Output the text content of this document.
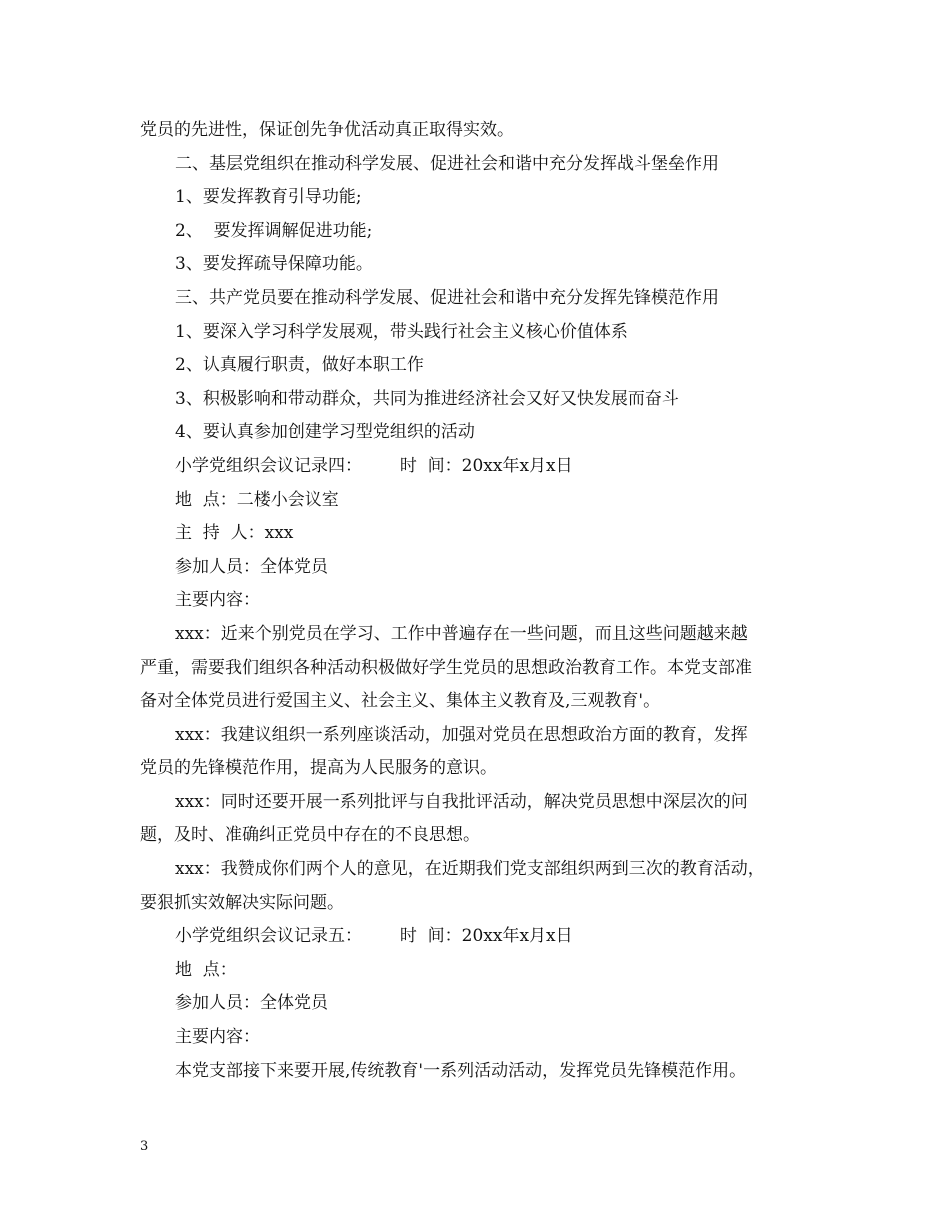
党员的先进性，保证创先争优活动真正取得实效。
二、基层党组织在推动科学发展、促进社会和谐中充分发挥战斗堡垒作用
1、要发挥教育引导功能;
2、  要发挥调解促进功能;
3、要发挥疏导保障功能。
三、共产党员要在推动科学发展、促进社会和谐中充分发挥先锋模范作用
1、要深入学习科学发展观，带头践行社会主义核心价值体系
2、认真履行职责，做好本职工作
3、积极影响和带动群众，共同为推进经济社会又好又快发展而奋斗
4、要认真参加创建学习型党组织的活动
小学党组织会议记录四：       时  间：20xx年x月x日
地  点：二楼小会议室
主  持  人：xxx
参加人员：全体党员
主要内容：
xxx：近来个别党员在学习、工作中普遍存在一些问题，而且这些问题越来越
严重，需要我们组织各种活动积极做好学生党员的思想政治教育工作。本党支部准
备对全体党员进行爱国主义、社会主义、集体主义教育及,三观教育'。
xxx：我建议组织一系列座谈活动，加强对党员在思想政治方面的教育，发挥
党员的先锋模范作用，提高为人民服务的意识。
xxx：同时还要开展一系列批评与自我批评活动，解决党员思想中深层次的问
题，及时、准确纠正党员中存在的不良思想。
xxx：我赞成你们两个人的意见，在近期我们党支部组织两到三次的教育活动，
要狠抓实效解决实际问题。
小学党组织会议记录五：       时  间：20xx年x月x日
地  点：
参加人员：全体党员
主要内容：
本党支部接下来要开展,传统教育'一系列活动活动，发挥党员先锋模范作用。
3
